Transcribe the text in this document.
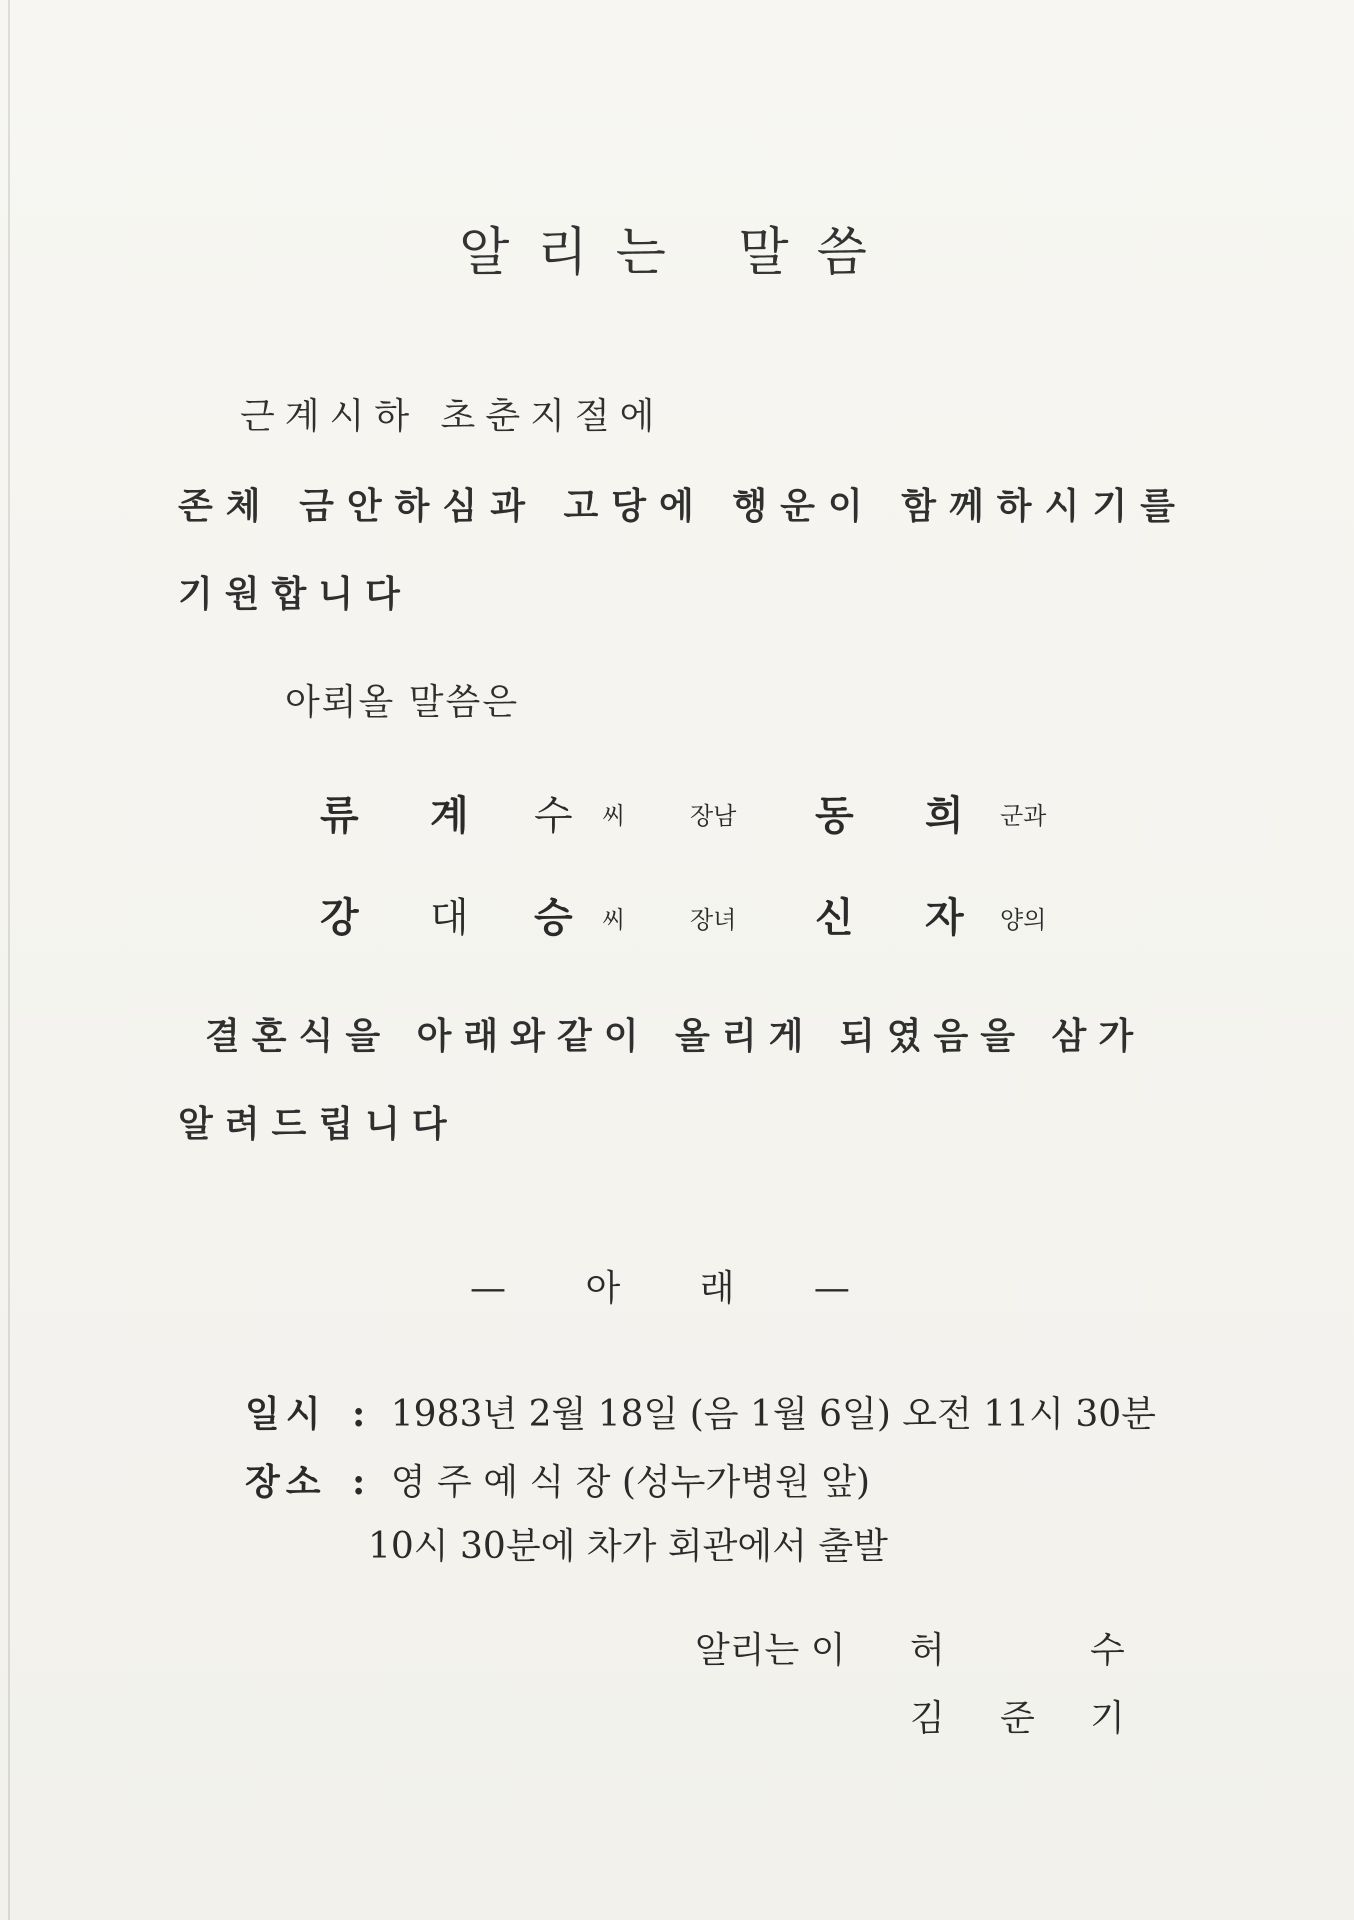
알리는 말씀
근계시하 초춘지절에
존체 금안하심과 고당에 행운이 함께하시기를
기원합니다
아뢰올 말씀은
류 계 수 씨	장남 동 희 군과
강 대 승 씨	장녀 신 자 양의
결혼식을 아래와같이 올리게 되였음을 삼가
알려드립니다
— 아 래 —
일시 : 1983년 2월 18일 (음 1월 6일) 오전 11시 30분
장소 : 영 주 예 식 장 (성누가병원 앞)
10시 30분에 차가 회관에서 출발
알리는 이 허	수
김 준 기
